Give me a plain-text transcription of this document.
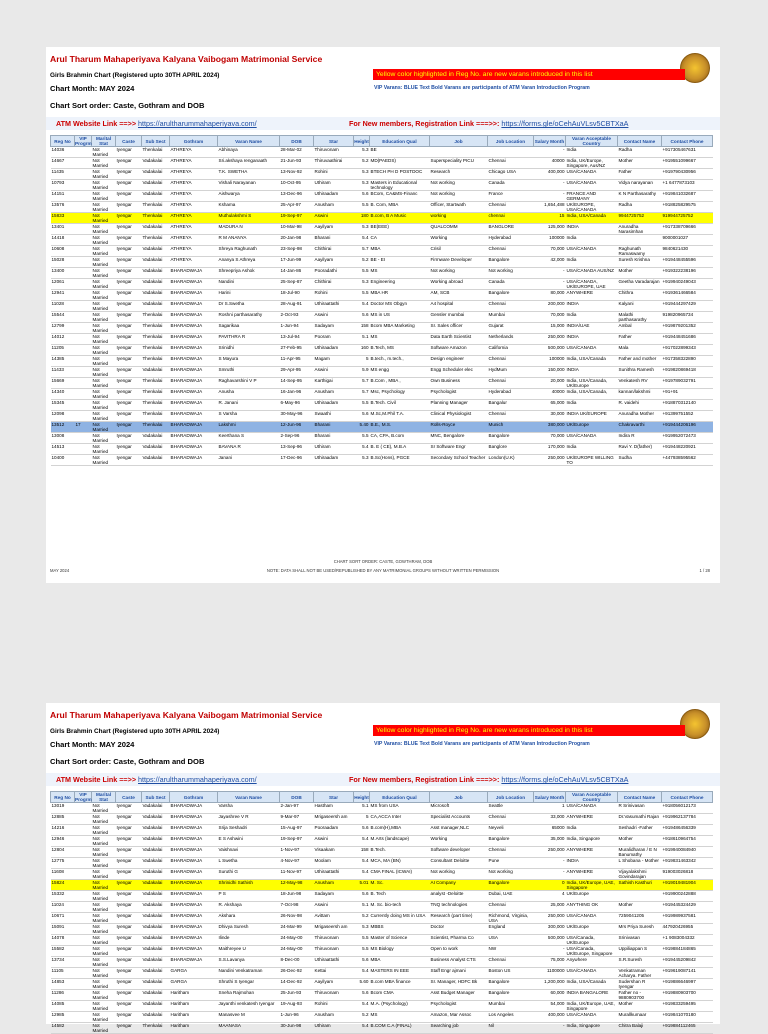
Arul Tharum Mahaperiyava Kalyana Vaibogam Matrimonial Service
Yellow color highlighted in Reg No. are new varans introduced in this list
Girls Brahmin Chart (Registered upto 30TH APRIL 2024)
VIP Varans: BLUE Text Bold Varans are participants of ATM Varan Introduction Program
Chart Month: MAY 2024
Chart Sort order: Caste, Gothram and DOB
ATM Website Link ==>> https://arultharummahaperiyava.com/	For New members, Registration Link ===>>: https://forms.gle/oCehAuVLsv5CBTXaA
Reg No	VIP Progrm	Marital Stat	Caste	Sub Sect	Gothram	Varan Name	DOB	Star	Height	Education Qual	Job	Job Location	Salary Month	Varan Acceptable Country	Contact Name	Contact Phone
14036		Not Married	Iyengar	Thenkalai	ATHREYA	Abhinaya	28-Mar-02	Thiruvonam	5.3	BE			-	India	Radha	+917305467631
14667		Not Married	Iyengar	Vadakalai	ATHREYA	Sri.akshaya renganaath	21-Jun-93	Thiruvaathirai	5.2	MD(PAEDS)	Superspeciality PICU	Chennai	40000	India, UK/Europe, Singapore, Aus/NZ	Mother	+919551099667
11435		Not Married	Iyengar	Vadakalai	ATHREYA	T.K. SWETHA	13-Nov-92	Rohini	5.3	BTECH PH D POSTDOC	Research	Chicago USA	400,000	USA/CANADA	Father	+919790430956
10793		Not Married	Iyengar	Vadakalai	ATHREYA	Vishali Narayanan	10-Oct-95	Uthiram	5.3	Masters in Educational technology	Not working	Canada	-	USA/CANADA	Vidya narayanan	+1 6477873103
14151		Not Married	Iyengar	Vadakalai	ATHREYA	Aishwarya	13-Dec-96	Uthiraadam	5.6	BCom, CA&MS-Financ	Not working	France	-	FRANCE AND GERMANY	K N Parthasarathy	+919841032687
13576		Not Married	Iyengar	Thenkalai	ATHREYA	Kshama	25-Apr-97	Anusham	5.5	B. Com, MBA	Officer, Startwath	Chennai	1,654,488	UK/EUROPE, USA/CANADA	Radha	+918825829575
15833		Not Married	Iyengar	Thenkalai	ATHREYA	Muthulakshmi S	19-Sep-97	Aswini	180	B.com, B A Music	working	chennai	15	India, USA/Canada	9944725752	919944725752
13401		Not Married	Iyengar	Vadakalai	ATHREYA	MADURA N	10-Mar-98	Aayilyam	5.3	BE(EEE)	QUALCOMM	BANGLORE	125,000	INDIA	Anuradha Narasimhan	+917338709666
14418		Not Married	Iyengar	Thenkalai	ATHREYA	R M ANANYA	20-Jan-98	Bharani	5.4	CA	Working	Hyderabad	100000	India		9000001027
10608		Not Married	Iyengar	Vadakalai	ATHREYA	Shreya Raghunath	23-Sep-98	Chithirai	5.7	MBA	Crisil	Chennai	70,000	USA/CANADA	Raghunath Ramaswamy	9840621430
15028		Not Married	Iyengar	Vadakalai	ATHREYA	Ananya S Athreya	17-Jun-99	Aayilyam	5.2	BE - EI	Firmware Developer	Bangalore	42,000	India	Suresh Krishna	+919448455596
13400		Not Married	Iyengar	Vadakalai	BHARADWAJA	Shreepriya Ashok	14-Jan-86	Pooradathi	5.5	MS	Not working	Not working	-	USA/CANADA AUS/NZ	Mother	+919322238196
12061		Not Married	Iyengar	Vadakalai	BHARADWAJA	Nandini	25-Sep-87	Chithirai	5.3	Engineering	Working abroad	Canada	-	USA/CANADA, UK/EUROPE, UAE	Geetha Varadarajan	+919940249043
12941		Not Married	Iyengar	Vadakalai	BHARADWAJA	Harini	18-Jul-90	Rohini	5.5	MBA HR	AM, SCB	Bangalore	80,000	ANYWHERE	Chithra	+919361466584
11028		Not Married	Iyengar	Vadakalai	BHARADWAJA	Dr S.Swetha	28-Aug-91	Uthiraattathi	5.4	Doctor MS Obgyn	A4 hospital	Chennai	200,000	INDIA	Kalyani	+919444297429
15544		Not Married	Iyengar	Thenkalai	BHARADWAJA	Roshni parthasarathy	2-Oct-93	Aswini	5.6	MS in US	Gensler mumbai	Mumbai	70,000	India	Malathi parthasarathy	919820965734
12799		Not Married	Iyengar	Thenkalai	BHARADWAJA	Sagarikaa	1-Jun-94	Sadayam	158	Bcom MBA Marketing	Sr. Sales officer	Gujarat	15,000	INDIA/UAE	Ambal	+919879201352
14012		Not Married	Iyengar	Thenkalai	BHARADWAJA	PAVITHRA R	13-Jul-94	Pooram	5.1	MS	Data Earth Scientist	Netherlands	250,000	INDIA	Father	+919448451686
11205		Not Married	Iyengar	Thenkalai	BHARADWAJA	Srinidhi	27-Feb-95	Uthiraadam	160	B.Tech, MS	Software Amazon	California	500,000	USA/CANADA	Mala	+917022899343
14385		Not Married	Iyengar	Thenkalai	BHARADWAJA	S Mayura	11-Apr-95	Magam	5	B.tech., m.tech.,	Design engineer	Chennai	100000	India, USA/Canada	Father and mother	+917358322890
11433		Not Married	Iyengar	Vadakalai	BHARADWAJA	Smruthi	29-Apr-95	Aswini	5.9	MS engg	Engg Scheduler elec	HydMum	150,000	INDIA	Sunithra Ramesh	+919820869418
15669		Not Married	Iyengar	Thenkalai	BHARADWAJA	Raghavarshini V P	14-Sep-95	Karthigai	5.7	B.Com , MBA ,	Own Business	Chennai	20,000	India, USA/Canada, UK/Europe	Venkatesh RV	+919789032791
14340		Not Married	Iyengar	Thenkalai	BHARADWAJA	Anusha	16-Jan-96	Anusham	5.7	Msc, Psychology	Psychologist	Hyderabad	40000	India, USA/Canada,	kannan/lakshmi	+91+91
15345		Not Married	Iyengar	Thenkalai	BHARADWAJA	R. Janani	6-May-96	Uthiraadam	5.5	B.Tech. Civil	Planning Manager	Bangalur	65,000	India	R. vaidehi	+918870312140
12098		Not Married	Iyengar	Thenkalai	BHARADWAJA	S Varsha	30-May-96	Swaathi	5.6	M.Sc,M.Phil T.A.	Clinical Physiologist	Chennai	30,000	INDIA UK/EUROPE	Anuradha Mother	+91399751552
13512	17	Not Married	Iyengar	Thenkalai	BHARADWAJA	Lakshmi	12-Jun-96	Bharani	5.40	B.E., M.S.	Rolls-Royce	Munich	380,000	UK/Europe	Chakravarthi	+919444206196
13008		Not Married	Iyengar	Vadakalai	BHARADWAJA	Keerthana S	2-Sep-96	Bharani	5.5	CA, CPA, B.com	MNC, Bengalore	Bangalore	70,000	USA/CANADA	Indira R	+919952072473
14513		Not Married	Iyengar	Vadakalai	BHARADWAJA	BAVANA R	13-Sep-96	Uthiram	5.4	B. E ( CE), M.B.A	Sr Software Engr	Banglore	170,000	India	Ravi Y. D(father)	+919448220921
10400		Not Married	Iyengar	Vadakalai	BHARADWAJA	Janani	17-Dec-96	Uthiraadam	5.3	B.Sc(Hons), PGCE	Secondary School Teacher	London(U.K)	250,000	UK/EUROPE WILLING TO	Sudha	+447938595562
CHART SORT ORDER: CASTE, GOWTHRAM, DOB
MAY 2024	NOTE: DATA SHALL NOT BE USED/REPUBLISHED BY ANY MATRIMONIAL GROUPS WITHOUT WRITTEN PERMISSION	1 / 28
Arul Tharum Mahaperiyava Kalyana Vaibogam Matrimonial Service
Yellow color highlighted in Reg No. are new varans introduced in this list
Girls Brahmin Chart (Registered upto 30TH APRIL 2024)
VIP Varans: BLUE Text Bold Varans are participants of ATM Varan Introduction Program
Chart Month: MAY 2024
Chart Sort order: Caste, Gothram and DOB
ATM Website Link ==>> https://arultharummahaperiyava.com/	For New members, Registration Link ===>>: https://forms.gle/oCehAuVLsv5CBTXaA
Reg No	VIP Progrm	Marital Stat	Caste	Sub Sect	Gothram	Varan Name	DOB	Star	Height	Education Qual	Job	Job Location	Salary Month	Varan Acceptable Country	Contact Name	Contact Phone
13019		Not Married	Iyengar	Vadakalai	BHARADWAJA	Varsha	2-Jan-97	Hastham	5.1	MS from USA	Microsoft	Seattle	1	USA/CANADA	R Srinivasan	+918056012173
12885		Not Married	Iyengar	Vadakalai	BHARADWAJA	Jayashree V R	9-Mar-97	Mrigaseersh am	5	CA,ACCA Inter	Specialist Accounts	Chennai	33,000	ANYWHERE	Dr.Vasumathi Rajan	+919962137784
14216		Not Married	Iyengar	Vadakalai	BHARADWAJA	Srija Seshadri	15-Aug-97	Pooraadam	5.6	B.com(H),MBA	Asst manager,NLC	Neyveli	65000	India	Seshadri -Father	+919486456339
12946		Not Married	Iyengar	Vadakalai	BHARADWAJA	E S Ashwini	19-Sep-97	Aswini	5.4	M.Arts (landscape)	Working	Bangalore	35,000	India, Singapore	Mother	+918610964754
12804		Not Married	Iyengar	Vadakalai	BHARADWAJA	Vaishnavi	1-Nov-97	Visaakam	158	B.Tech.	Software developer	Chennai	250,000	ANYWHERE	Muralidharan / E N Banumathy	+919940084940
12775		Not Married	Iyengar	Vadakalai	BHARADWAJA	L Swetha	4-Nov-97	Moolam	5.4	MCA, MA (BN)	Consultant Deloitte	Pune	-	INDIA	L Shobana - Mother	+919831463342
11608		Not Married	Iyengar	Vadakalai	BHARADWAJA	Suruthi G	11-Nov-97	Uthiraattathi	5.4	CMA FINAL (ICWAI)	Not working	Not working	-	ANYWHERE	Vijayalakshmi Govindarajan	919003026818
15824		Not Married	Iyengar	Vadakalai	BHARADWAJA	Shrinidhi Sathish	12-May-98	Anusham	5.01	M. Sc.	AI Company	Bangalore	0	India, UK/Europe, UAE, Singapore	Sathish Kasthuri	+919019481904
15332		Not Married	Iyengar	Vadakalai	BHARADWAJA	P S	18-Jun-98	Sadayam	5.6	B. Tech	analyst -Deloitte	Dubai, UAE	4	UK/Europe		+919900242888
11024		Not Married	Iyengar	Vadakalai	BHARADWAJA	R. Akshaya	7-Oct-98	Aswini	5.1	M. Sc. bio-tech	TNQ technologies	Chennai	25,000	ANYTHING OK	Mother	+919445324429
10671		Not Married	Iyengar	Vadakalai	BHARADWAJA	Akshara	26-Nov-98	Avittam	5.2	Currently doing MS in USA	Research (part time)	Richmond, Virginia, USA	250,000	USA/CANADA	7259041205	+919989937581
15091		Not Married	Iyengar	Vadakalai	BHARADWAJA	Dhivya Suresh	24-Mar-99	Mrigaseersh am	5.3	MBBS	Doctor	England	300,000	UK/Europe	Mrs Priya Suresh	447920426955
14078		Not Married	Iyengar	Vadakalai	BHARADWAJA	Ilinde	24-May-00	Thiruvonam	5.5	Master of Science	Scientist, Pharma Co	USA	500,000	USA/Canada, UK/Europe	Srinivasan	+1 9083004332
15582		Not Married	Iyengar	Vadakalai	BHARADWAJA	Maithreyee U	24-May-00	Thiruvonam	5.5	MS Biology	Open to work	NW	-	USA/Canada, UK/Europe, Singapore	Uppiliappan S	+919884184865
13734		Not Married	Iyengar	Vadakalai	BHARADWAJA	S.S.Lavanya	8-Dec-00	Uthiraattathi	5.6	MBA	Business Analyst CTS	Chennai	75,000	Anywhere	S.R.Suresh	+919445209842
11105		Not Married	Iyengar	Vadakalai	GARGA	Nandini Venkatraman	26-Dec-92	Kettai	5.4	MASTERS IN EEE	Staff Engr ajmani	Boston US	1100000	USA/CANADA	Venkatraman Acharya. Father	+919619087141
14853		Not Married	Iyengar	Vadakalai	GARGA	Shruthi S Iyengar	14-Dec-92	Aayilyam	5.60	B.com MBA finance	Sr. Manager, HDFC Bk	Bangalore	1,200,000	India, USA/Canada	Sudershan R Iyengar	+919886646997
11286		Not Married	Iyengar	Vadakalai	Haritham	Sneha Rajmohan	25-Jun-93	Thiruvonam	5.6	Bcom CMA	Asst Budget Manager	Bangalore	60,000	INDIA BANGALORE	Father no - 9880903700	+919880903700
14085		Not Married	Iyengar	Vadakalai	Haritham	Jayanthi venkatesh Iyengar	19-Aug-93	Rohini	5.4	M.A. (Psychology)	Psychologist	Mumbai	54,000	India, UK/Europe, UAE, Singapore	Mother	+919833259495
12985		Not Married	Iyengar	Vadakalai	Haritham	Manasvee M	1-Jun-96	Anusham	5.2	MS	Amazon, Mar Assoc	Los Angeles	400,000	USA/CANADA	Murallkumaar	+919841070180
14582		Not Married	Iyengar	Thenkalai	Haritham	MAANASA	30-Jun-98	Uthiram	5.4	B.COM C.A (FINAL)	Searching job	Nil	-	India, Singapore	Chitra Balaji	+919884112465
